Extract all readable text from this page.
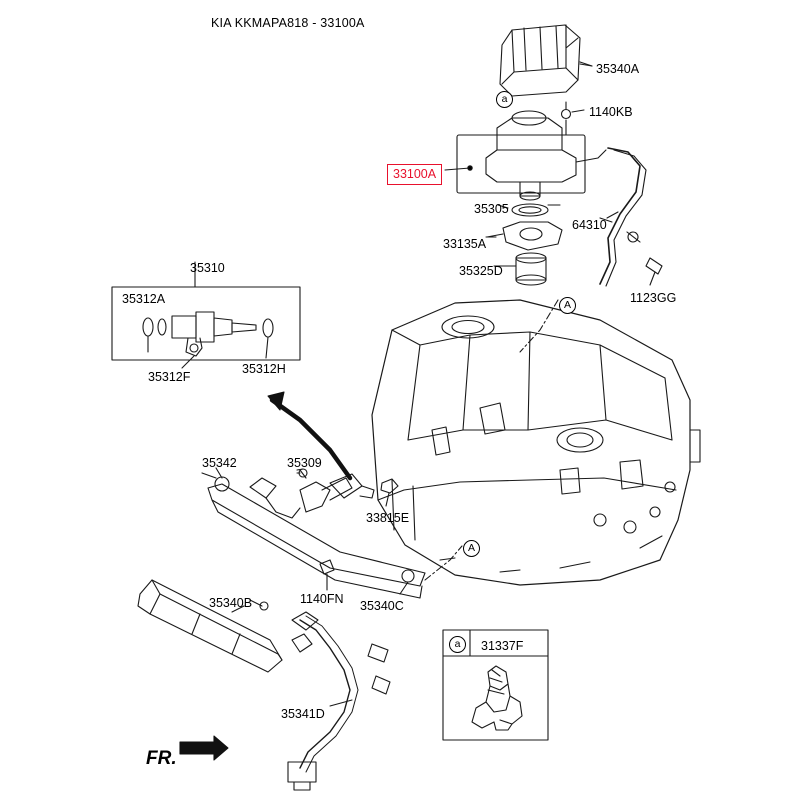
KIA KKMAPA818 - 33100A
33100A
35340A
1140KB
35305
64310
33135A
35325D
1123GG
35310
35312A
35312F
35312H
35342	35309
33815E
1140FN 35340C
35340B
35341D
31337F
a
A
A
a
FR.
